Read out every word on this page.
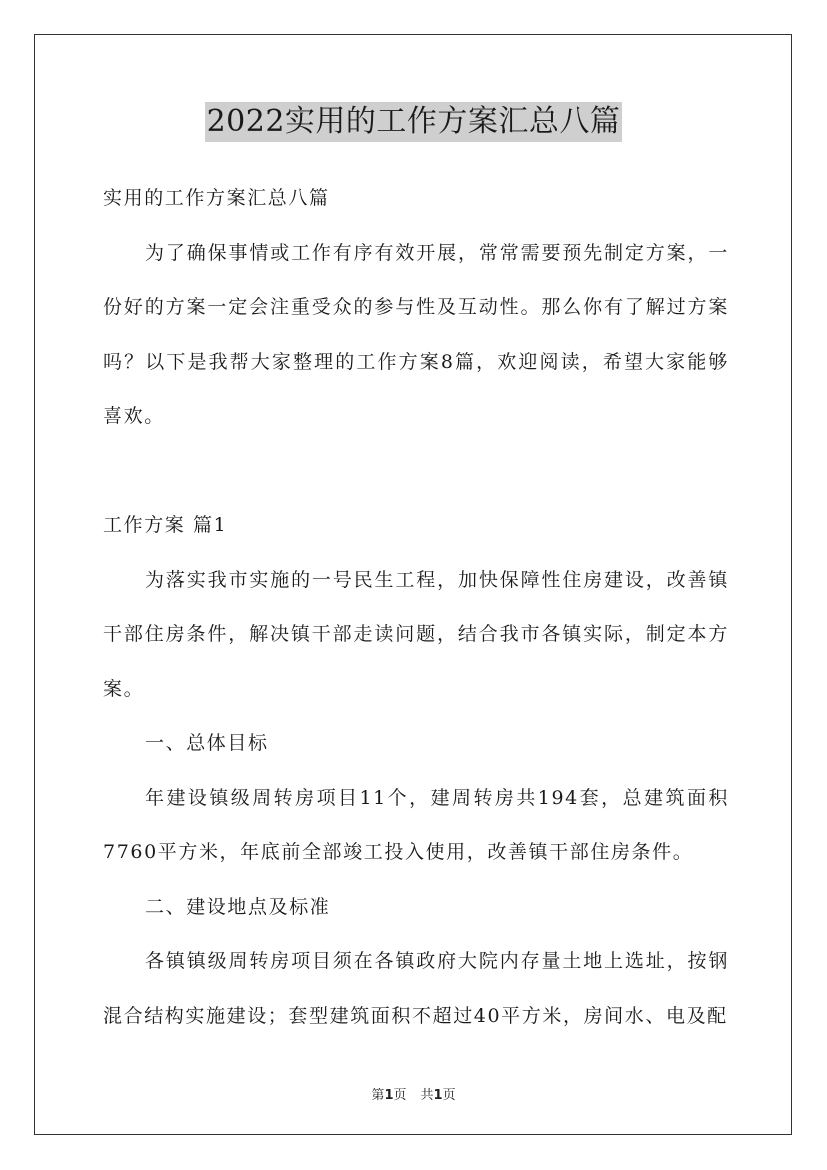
2022实用的工作方案汇总八篇

实用的工作方案汇总八篇

为了确保事情或工作有序有效开展，常常需要预先制定方案，一份好的方案一定会注重受众的参与性及互动性。那么你有了解过方案吗？以下是我帮大家整理的工作方案8篇，欢迎阅读，希望大家能够喜欢。

工作方案 篇1

为落实我市实施的一号民生工程，加快保障性住房建设，改善镇干部住房条件，解决镇干部走读问题，结合我市各镇实际，制定本方案。

一、总体目标

年建设镇级周转房项目11个，建周转房共194套，总建筑面积7760平方米，年底前全部竣工投入使用，改善镇干部住房条件。

二、建设地点及标准

各镇镇级周转房项目须在各镇政府大院内存量土地上选址，按钢混合结构实施建设；套型建筑面积不超过40平方米，房间水、电及配

第1页 共1页
